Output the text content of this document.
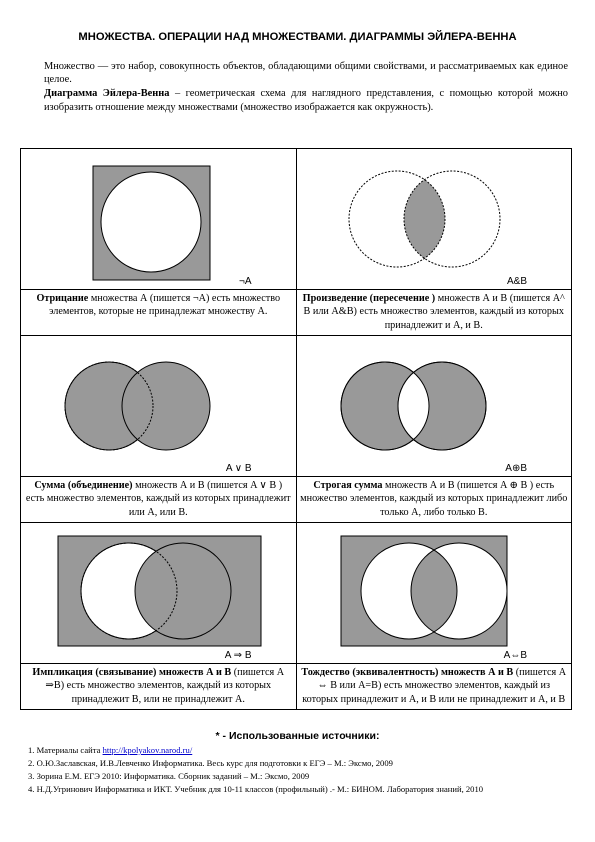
МНОЖЕСТВА. ОПЕРАЦИИ НАД МНОЖЕСТВАМИ. ДИАГРАММЫ ЭЙЛЕРА-ВЕННА

Множество — это набор, совокупность объектов, обладающими общими свойствами, и рассматриваемых как единое целое.

Диаграмма Эйлера-Венна – геометрическая схема для наглядного представления, с помощью которой можно изобразить отношение между множествами (множество изображается как окружность).

¬A	A&B

Отрицание множества А (пишется ¬A) есть множество элементов, которые не принадлежат множеству А.	Произведение (пересечение ) множеств А и В (пишется A^ B или A&B) есть множество элементов, каждый из которых принадлежит и А, и В.

A ∨ B	A⊕B

Сумма (объединение) множеств А и В (пишется A ∨ B ) есть множество элементов, каждый из которых принадлежит или А, или В.	Строгая сумма множеств А и В (пишется A ⊕ B ) есть множество элементов, каждый из которых принадлежит либо только А, либо только В.

A ⇒ B	A⇔B

Импликация (связывание) множеств А и В (пишется A ⇒B) есть множество элементов, каждый из которых принадлежит В, или не принадлежит А.	Тождество (эквивалентность) множеств А и В (пишется A ⇔ B или A=B) есть множество элементов, каждый из которых принадлежит и А, и В или не принадлежит и А, и В
* - Использованные источники:
1. Материалы сайта http://kpolyakov.narod.ru/
2. О.Ю.Заславская, И.В.Левченко Информатика. Весь курс для подготовки к ЕГЭ – М.: Эксмо, 2009
3. Зорина Е.М. ЕГЭ 2010: Информатика. Сборник заданий – М.: Эксмо, 2009
4. Н.Д.Угринович Информатика и ИКТ. Учебник для 10-11 классов (профильный) .- М.: БИНОМ. Лаборатория знаний, 2010
